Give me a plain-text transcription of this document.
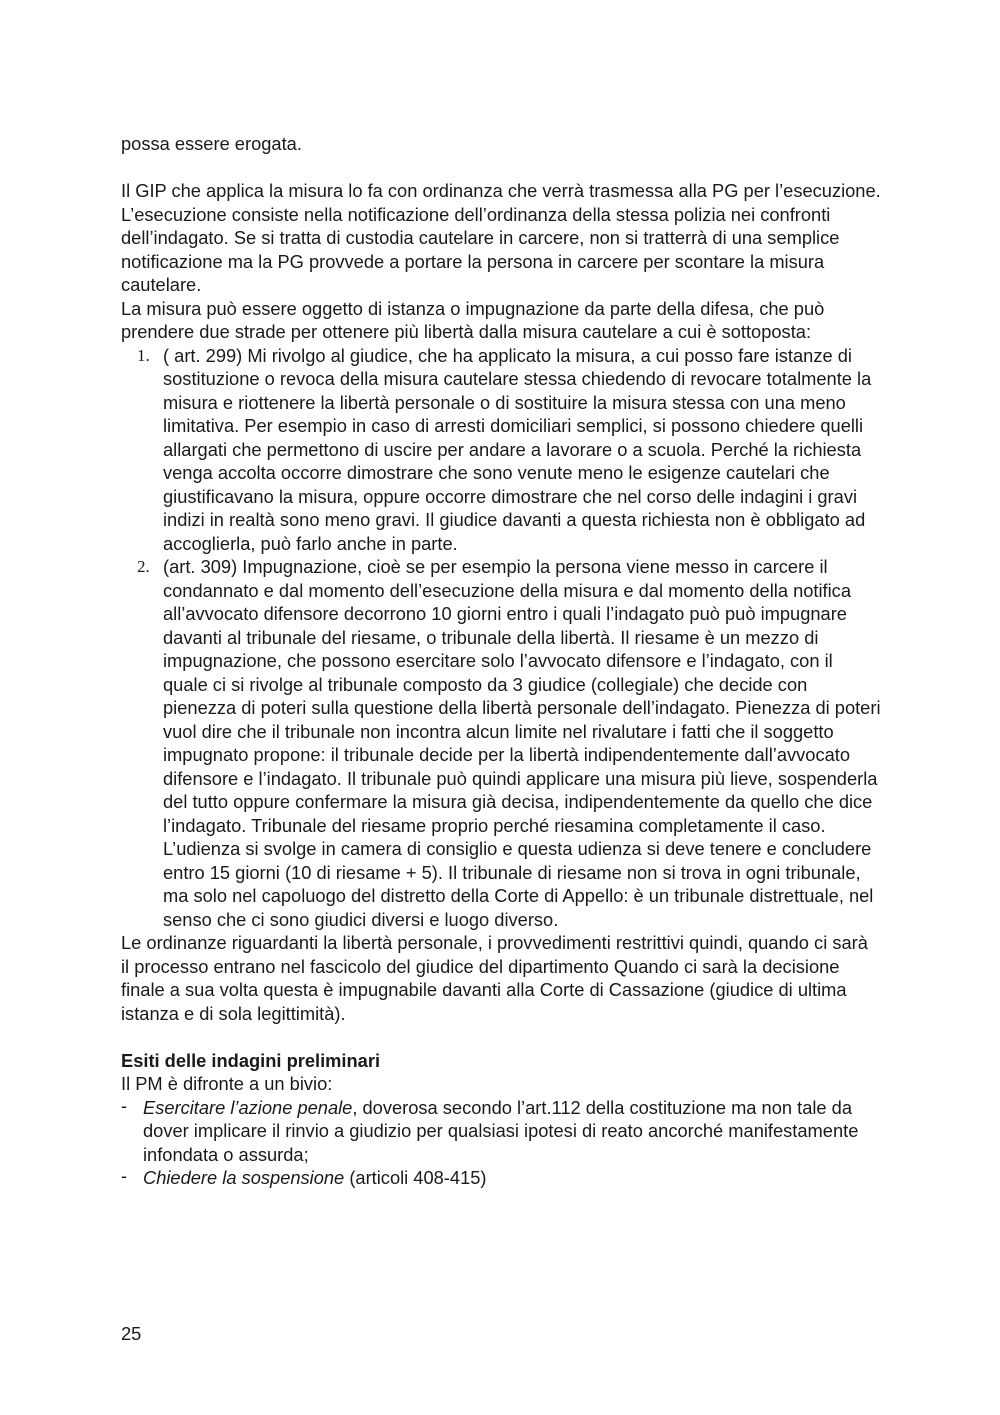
possa essere erogata.

Il GIP che applica la misura lo fa con ordinanza che verrà trasmessa alla PG per l’esecuzione. L’esecuzione consiste nella notificazione dell’ordinanza della stessa polizia nei confronti dell’indagato. Se si tratta di custodia cautelare in carcere, non si tratterrà di una semplice notificazione ma la PG provvede a portare la persona in carcere per scontare la misura cautelare.

La misura può essere oggetto di istanza o impugnazione da parte della difesa, che può prendere due strade per ottenere più libertà dalla misura cautelare a cui è sottoposta:

1. ( art. 299) Mi rivolgo al giudice, che ha applicato la misura, a cui posso fare istanze di sostituzione o revoca della misura cautelare stessa chiedendo di revocare totalmente la misura e riottenere la libertà personale o di sostituire la misura stessa con una meno limitativa. Per esempio in caso di arresti domiciliari semplici, si possono chiedere quelli allargati che permettono di uscire per andare a lavorare o a scuola. Perché la richiesta venga accolta occorre dimostrare che sono venute meno le esigenze cautelari che giustificavano la misura, oppure occorre dimostrare che nel corso delle indagini i gravi indizi in realtà sono meno gravi. Il giudice davanti a questa richiesta non è obbligato ad accoglierla, può farlo anche in parte.
2. (art. 309) Impugnazione, cioè se per esempio la persona viene messo in carcere il condannato e dal momento dell’esecuzione della misura e dal momento della notifica all’avvocato difensore decorrono 10 giorni entro i quali l’indagato può può impugnare davanti al tribunale del riesame, o tribunale della libertà. Il riesame è un mezzo di impugnazione, che possono esercitare solo l’avvocato difensore e l’indagato, con il quale ci si rivolge al tribunale composto da 3 giudice (collegiale) che decide con pienezza di poteri sulla questione della libertà personale dell’indagato. Pienezza di poteri vuol dire che il tribunale non incontra alcun limite nel rivalutare i fatti che il soggetto impugnato propone: il tribunale decide per la libertà indipendentemente dall’avvocato difensore e l’indagato. Il tribunale può quindi applicare una misura più lieve, sospenderla del tutto oppure confermare la misura già decisa, indipendentemente da quello che dice l’indagato. Tribunale del riesame proprio perché riesamina completamente il caso. L’udienza si svolge in camera di consiglio e questa udienza si deve tenere e concludere entro 15 giorni (10 di riesame + 5). Il tribunale di riesame non si trova in ogni tribunale, ma solo nel capoluogo del distretto della Corte di Appello: è un tribunale distrettuale, nel senso che ci sono giudici diversi e luogo diverso.

Le ordinanze riguardanti la libertà personale, i provvedimenti restrittivi quindi, quando ci sarà il processo entrano nel fascicolo del giudice del dipartimento Quando ci sarà la decisione finale a sua volta questa è impugnabile davanti alla Corte di Cassazione (giudice di ultima istanza e di sola legittimità).

Esiti delle indagini preliminari

Il PM è difronte a un bivio:

- Esercitare l’azione penale, doverosa secondo l’art.112 della costituzione ma non tale da dover implicare il rinvio a giudizio per qualsiasi ipotesi di reato ancorché manifestamente infondata o assurda;
- Chiedere la sospensione (articoli 408-415)
25
